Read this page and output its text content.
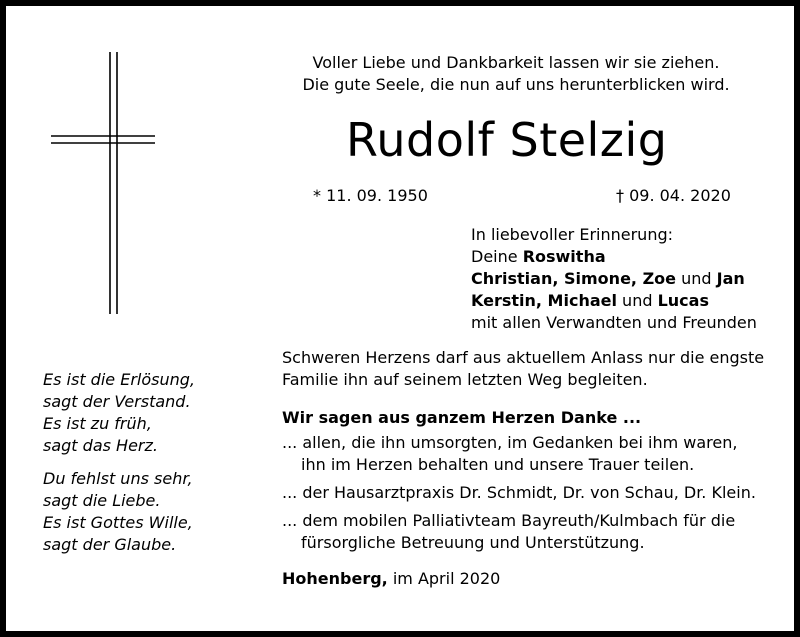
Voller Liebe und Dankbarkeit lassen wir sie ziehen.
Die gute Seele, die nun auf uns herunterblicken wird.
Rudolf Stelzig
* 11. 09. 1950	† 09. 04. 2020
In liebevoller Erinnerung:
Deine Roswitha
Christian, Simone, Zoe und Jan
Kerstin, Michael und Lucas
mit allen Verwandten und Freunden
Schweren Herzens darf aus aktuellem Anlass nur die engste
Familie ihn auf seinem letzten Weg begleiten.
Wir sagen aus ganzem Herzen Danke ...
... allen, die ihn umsorgten, im Gedanken bei ihm waren,
ihn im Herzen behalten und unsere Trauer teilen.
... der Hausarztpraxis Dr. Schmidt, Dr. von Schau, Dr. Klein.
... dem mobilen Palliativteam Bayreuth/Kulmbach für die
fürsorgliche Betreuung und Unterstützung.
Hohenberg, im April 2020
Es ist die Erlösung,
sagt der Verstand.
Es ist zu früh,
sagt das Herz.
Du fehlst uns sehr,
sagt die Liebe.
Es ist Gottes Wille,
sagt der Glaube.
